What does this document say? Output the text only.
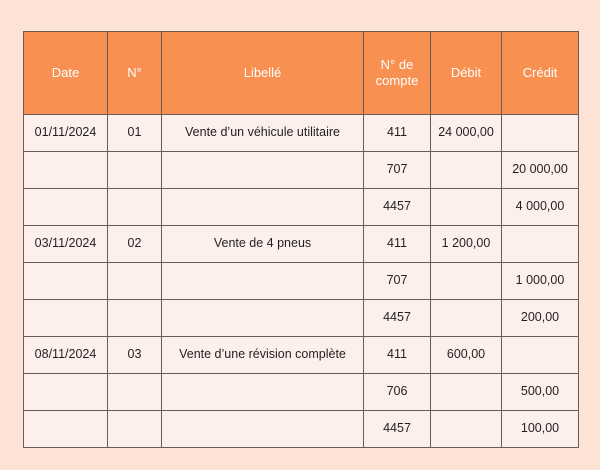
Date	N°	Libellé	N° de compte	Débit	Crédit
01/11/2024	01	Vente d’un véhicule utilitaire	411	24 000,00	
			707		20 000,00
			4457		4 000,00
03/11/2024	02	Vente de 4 pneus	411	1 200,00	
			707		1 000,00
			4457		200,00
08/11/2024	03	Vente d’une révision complète	411	600,00	
			706		500,00
			4457		100,00
